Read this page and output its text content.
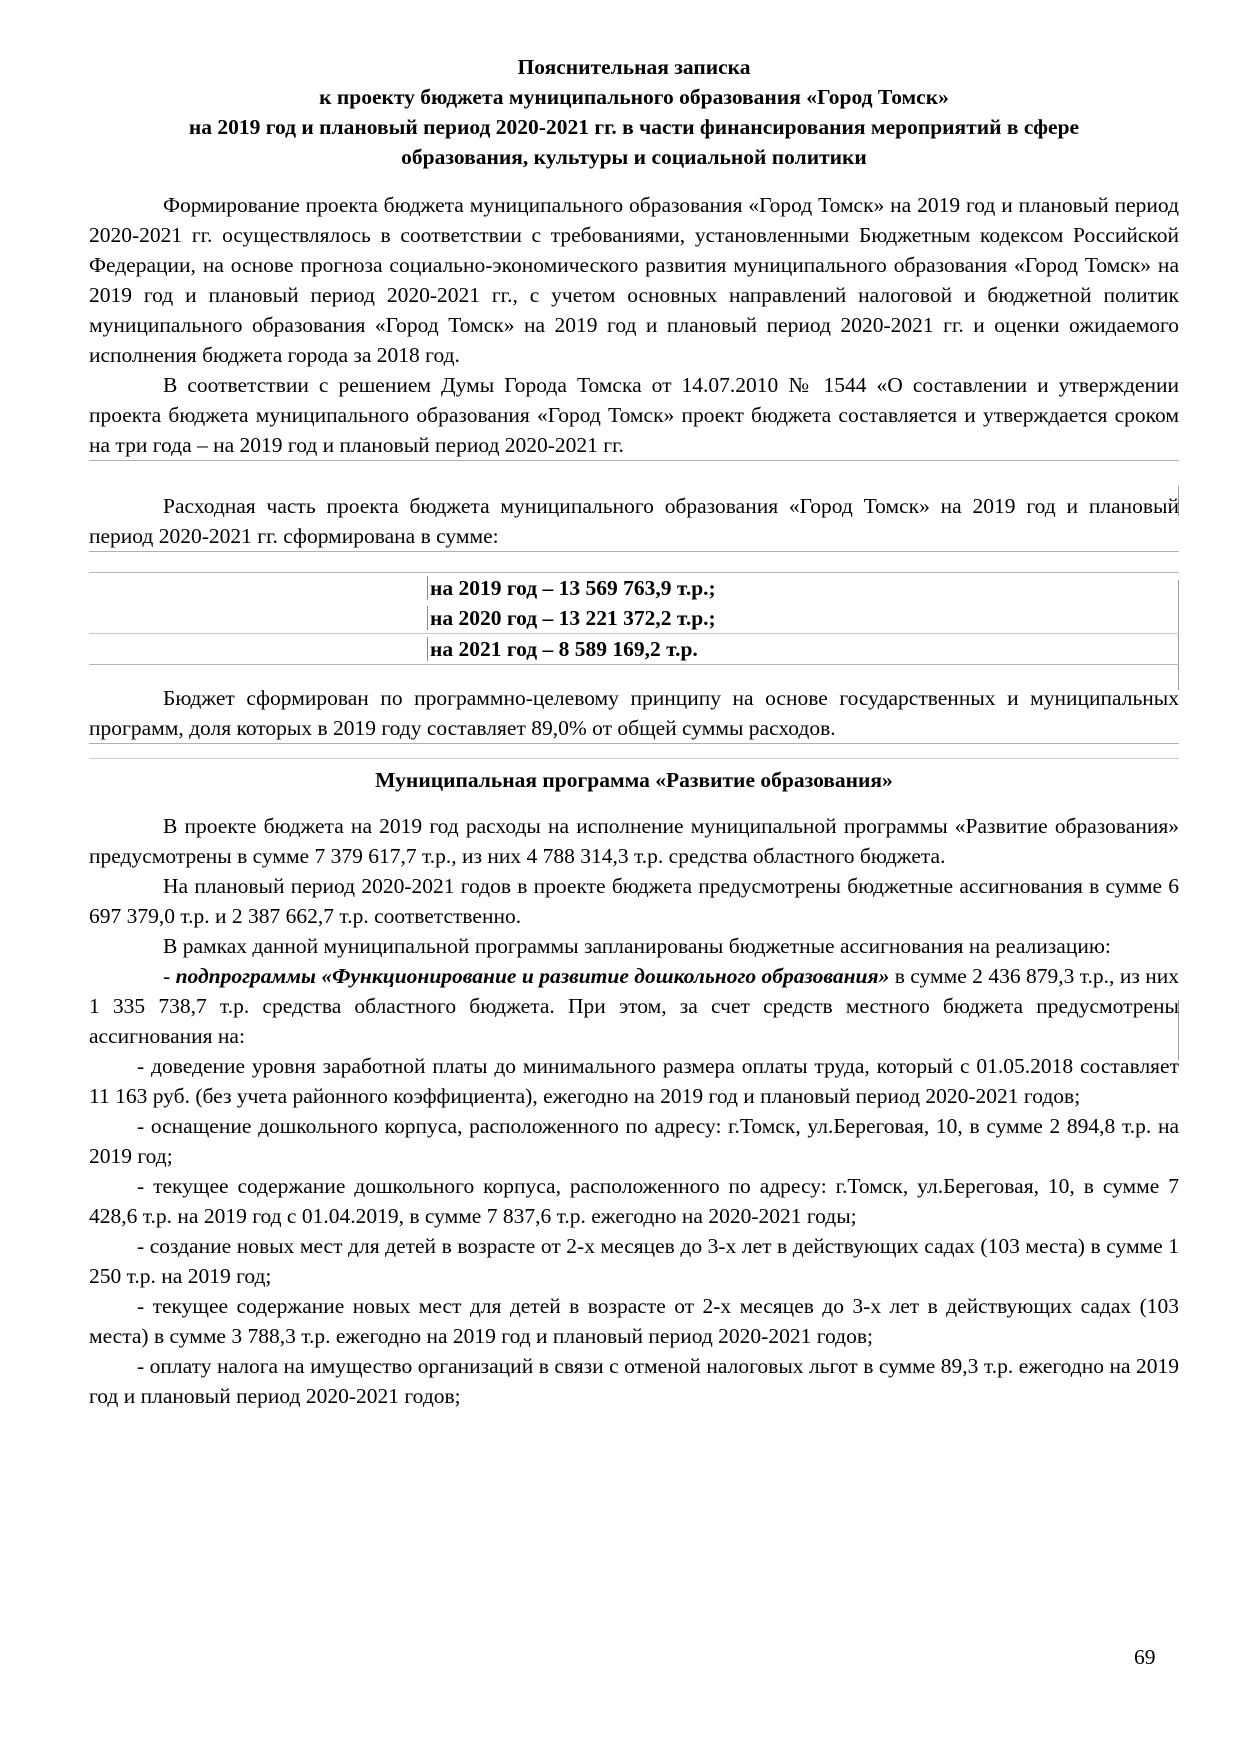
Пояснительная записка
к проекту бюджета муниципального образования «Город Томск»
на 2019 год и плановый период 2020-2021 гг. в части финансирования мероприятий в сфере
образования, культуры и социальной политики

Формирование проекта бюджета муниципального образования «Город Томск» на 2019 год и плановый период 2020-2021 гг. осуществлялось в соответствии с требованиями, установленными Бюджетным кодексом Российской Федерации, на основе прогноза социально-экономического развития муниципального образования «Город Томск» на 2019 год и плановый период 2020-2021 гг., с учетом основных направлений налоговой и бюджетной политик муниципального образования «Город Томск» на 2019 год и плановый период 2020-2021 гг. и оценки ожидаемого исполнения бюджета города за 2018 год.

В соответствии с решением Думы Города Томска от 14.07.2010 № 1544 «О составлении и утверждении проекта бюджета муниципального образования «Город Томск» проект бюджета составляется и утверждается сроком на три года – на 2019 год и плановый период 2020-2021 гг.

Расходная часть проекта бюджета муниципального образования «Город Томск» на 2019 год и плановый период 2020-2021 гг. сформирована в сумме:

на 2019 год – 13 569 763,9 т.р.;
на 2020 год – 13 221 372,2 т.р.;
на 2021 год – 8 589 169,2 т.р.

Бюджет сформирован по программно-целевому принципу на основе государственных и муниципальных программ, доля которых в 2019 году составляет 89,0% от общей суммы расходов.

Муниципальная программа «Развитие образования»

В проекте бюджета на 2019 год расходы на исполнение муниципальной программы «Развитие образования» предусмотрены в сумме 7 379 617,7 т.р., из них 4 788 314,3 т.р. средства областного бюджета.

На плановый период 2020-2021 годов в проекте бюджета предусмотрены бюджетные ассигнования в сумме 6 697 379,0 т.р. и 2 387 662,7 т.р. соответственно.

В рамках данной муниципальной программы запланированы бюджетные ассигнования на реализацию:

- подпрограммы «Функционирование и развитие дошкольного образования» в сумме 2 436 879,3 т.р., из них 1 335 738,7 т.р. средства областного бюджета. При этом, за счет средств местного бюджета предусмотрены ассигнования на:

- доведение уровня заработной платы до минимального размера оплаты труда, который с 01.05.2018 составляет 11 163 руб. (без учета районного коэффициента), ежегодно на 2019 год и плановый период 2020-2021 годов;

- оснащение дошкольного корпуса, расположенного по адресу: г.Томск, ул.Береговая, 10, в сумме 2 894,8 т.р. на 2019 год;

- текущее содержание дошкольного корпуса, расположенного по адресу: г.Томск, ул.Береговая, 10, в сумме 7 428,6 т.р. на 2019 год с 01.04.2019, в сумме 7 837,6 т.р. ежегодно на 2020-2021 годы;

- создание новых мест для детей в возрасте от 2-х месяцев до 3-х лет в действующих садах (103 места) в сумме 1 250 т.р. на 2019 год;

- текущее содержание новых мест для детей в возрасте от 2-х месяцев до 3-х лет в действующих садах (103 места) в сумме 3 788,3 т.р. ежегодно на 2019 год и плановый период 2020-2021 годов;

- оплату налога на имущество организаций в связи с отменой налоговых льгот в сумме 89,3 т.р. ежегодно на 2019 год и плановый период 2020-2021 годов;

69
